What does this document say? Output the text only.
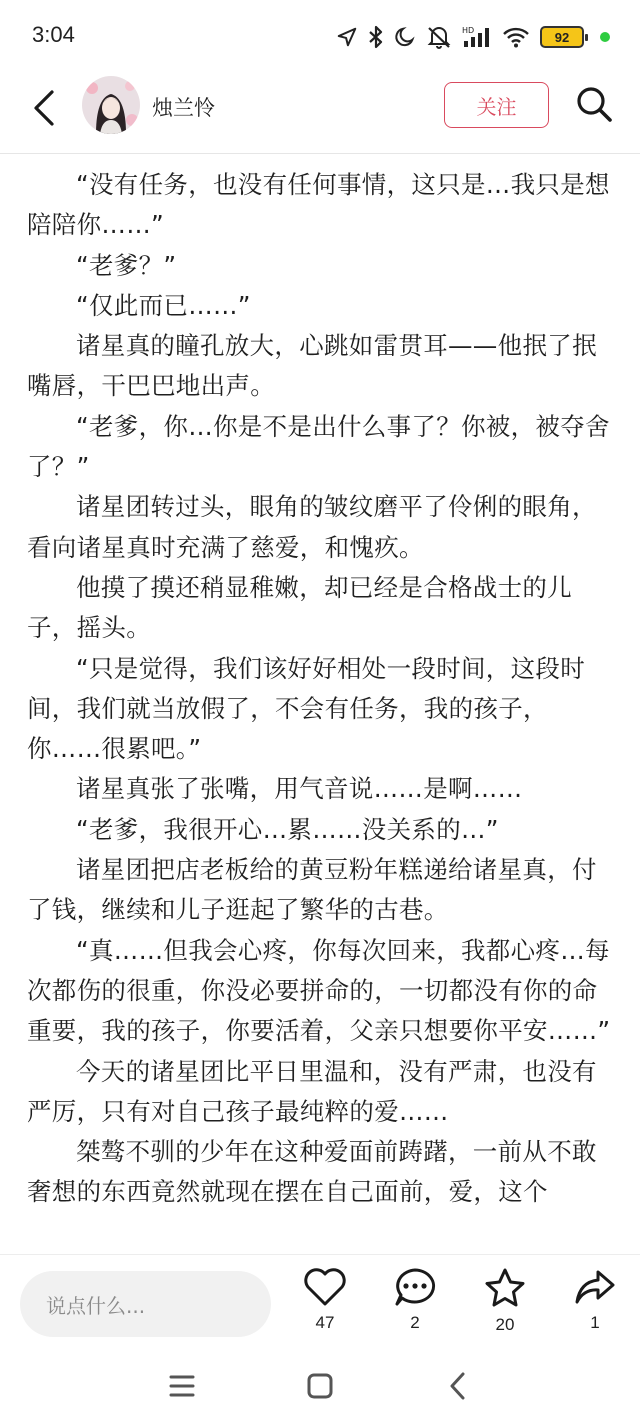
3:04	HD	92
烛兰怜	关注

“没有任务，也没有任何事情，这只是…我只是想陪陪你……”

“老爹？”

“仅此而已……”

诸星真的瞳孔放大，心跳如雷贯耳——他抿了抿嘴唇，干巴巴地出声。

“老爹，你…你是不是出什么事了？你被，被夺舍了？”

诸星团转过头，眼角的皱纹磨平了伶俐的眼角，看向诸星真时充满了慈爱，和愧疚。

他摸了摸还稍显稚嫩，却已经是合格战士的儿子，摇头。

“只是觉得，我们该好好相处一段时间，这段时间，我们就当放假了，不会有任务，我的孩子，你……很累吧。”

诸星真张了张嘴，用气音说……是啊……

“老爹，我很开心…累……没关系的…”

诸星团把店老板给的黄豆粉年糕递给诸星真，付了钱，继续和儿子逛起了繁华的古巷。

“真……但我会心疼，你每次回来，我都心疼…每次都伤的很重，你没必要拼命的，一切都没有你的命重要，我的孩子，你要活着，父亲只想要你平安……”

今天的诸星团比平日里温和，没有严肃，也没有严厉，只有对自己孩子最纯粹的爱……

桀骜不驯的少年在这种爱面前踌躇，一前从不敢奢想的东西竟然就现在摆在自己面前，爱，这个

说点什么...
47	2	20	1
